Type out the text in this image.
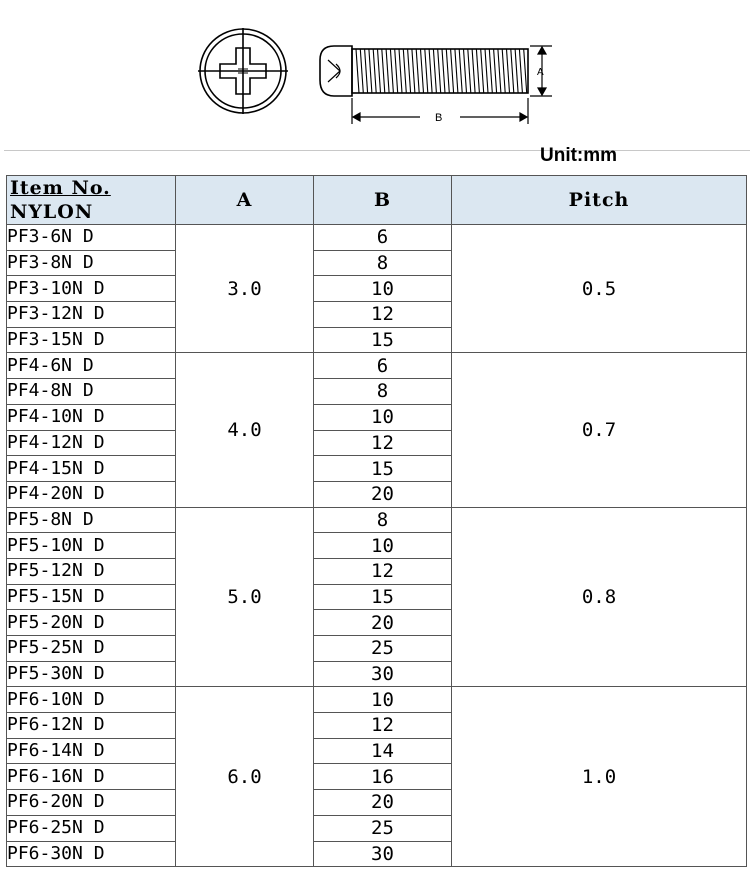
A
B
Unit:mm
Item No.
NYLON	A	B	Pitch
PF3-6N D	3.0	6	0.5
PF3-8N D		8	
PF3-10N D		10	
PF3-12N D		12	
PF3-15N D		15	
PF4-6N D	4.0	6	0.7
PF4-8N D		8	
PF4-10N D		10	
PF4-12N D		12	
PF4-15N D		15	
PF4-20N D		20	
PF5-8N D	5.0	8	0.8
PF5-10N D		10	
PF5-12N D		12	
PF5-15N D		15	
PF5-20N D		20	
PF5-25N D		25	
PF5-30N D		30	
PF6-10N D	6.0	10	1.0
PF6-12N D		12	
PF6-14N D		14	
PF6-16N D		16	
PF6-20N D		20	
PF6-25N D		25	
PF6-30N D		30	
